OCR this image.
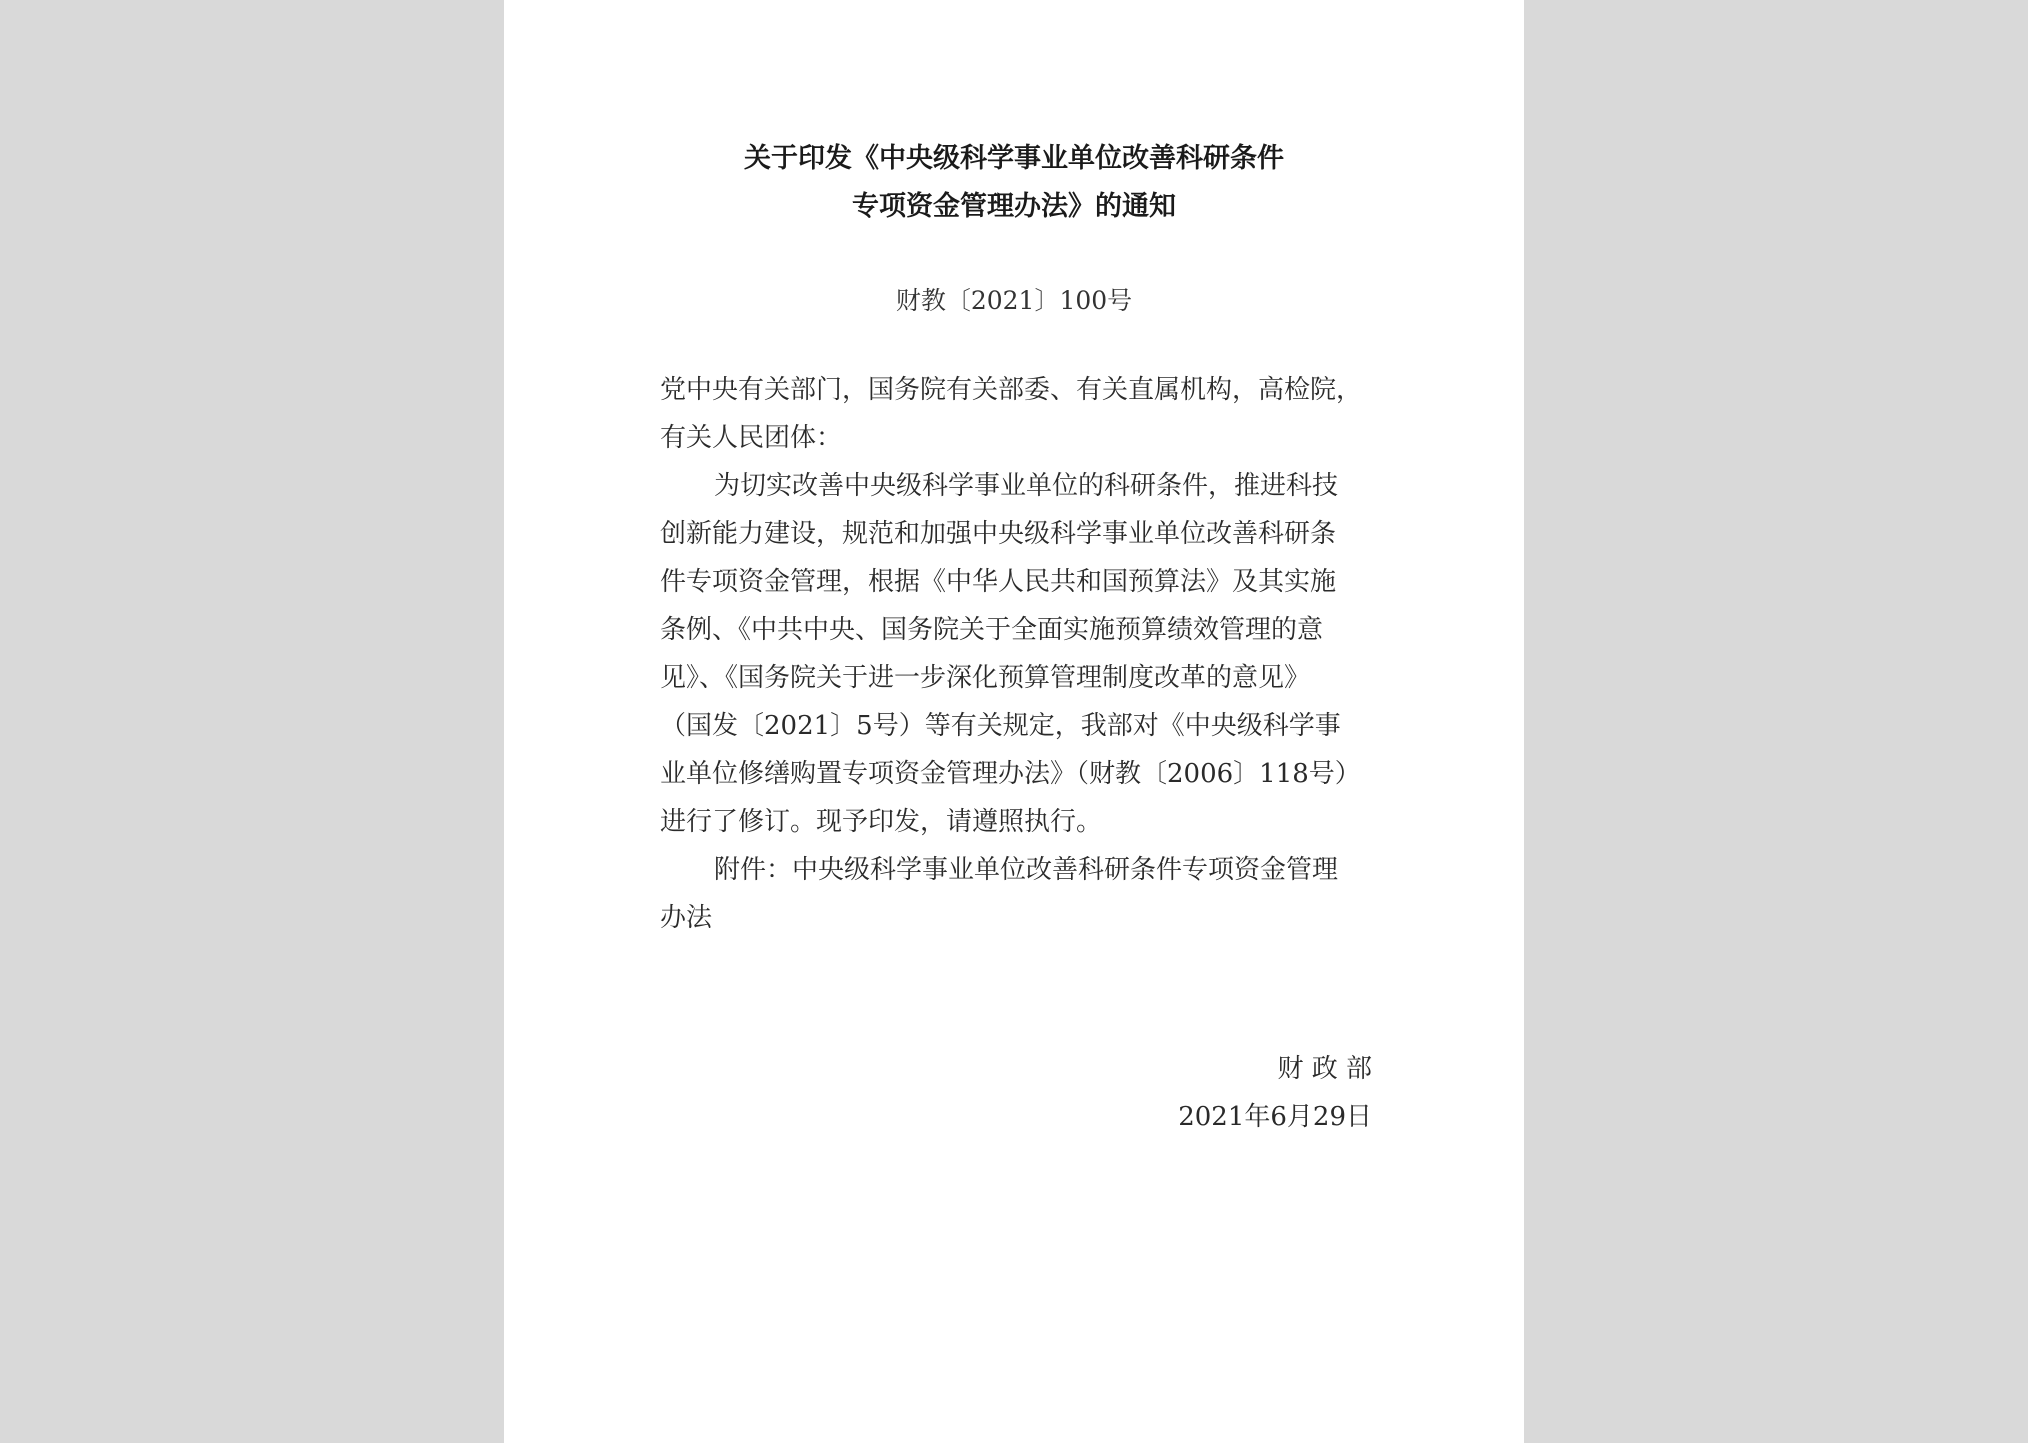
关于印发《中央级科学事业单位改善科研条件
专项资金管理办法》的通知
财教〔2021〕100号
党中央有关部门，国务院有关部委、有关直属机构，高检院，
有关人民团体：
为切实改善中央级科学事业单位的科研条件，推进科技
创新能力建设，规范和加强中央级科学事业单位改善科研条
件专项资金管理，根据《中华人民共和国预算法》及其实施
条例、《中共中央、国务院关于全面实施预算绩效管理的意
见》、《国务院关于进一步深化预算管理制度改革的意见》
（国发〔2021〕5号）等有关规定，我部对《中央级科学事
业单位修缮购置专项资金管理办法》（财教〔2006〕118号）
进行了修订。现予印发，请遵照执行。
附件：中央级科学事业单位改善科研条件专项资金管理
办法
财 政 部
2021年6月29日
